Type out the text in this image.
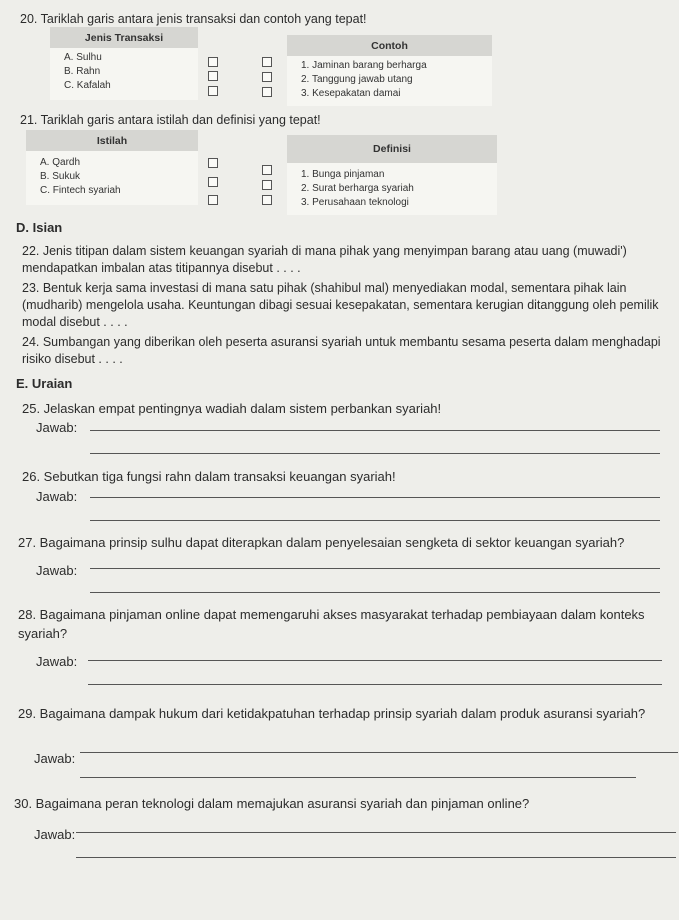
20. Tariklah garis antara jenis transaksi dan contoh yang tepat!
Jenis Transaksi
A. Sulhu
B. Rahn
C. Kafalah
Contoh
1. Jaminan barang berharga
2. Tanggung jawab utang
3. Kesepakatan damai
21. Tariklah garis antara istilah dan definisi yang tepat!
Istilah
A. Qardh
B. Sukuk
C. Fintech syariah
Definisi
1. Bunga pinjaman
2. Surat berharga syariah
3. Perusahaan teknologi
D. Isian
22. Jenis titipan dalam sistem keuangan syariah di mana pihak yang menyimpan barang atau uang (muwadi') mendapatkan imbalan atas titipannya disebut . . . .
23. Bentuk kerja sama investasi di mana satu pihak (shahibul mal) menyediakan modal, sementara pihak lain (mudharib) mengelola usaha. Keuntungan dibagi sesuai kesepakatan, sementara kerugian ditanggung oleh pemilik modal disebut . . . .
24. Sumbangan yang diberikan oleh peserta asuransi syariah untuk membantu sesama peserta dalam menghadapi risiko disebut . . . .
E. Uraian
25. Jelaskan empat pentingnya wadiah dalam sistem perbankan syariah!
Jawab:
26. Sebutkan tiga fungsi rahn dalam transaksi keuangan syariah!
Jawab:
27. Bagaimana prinsip sulhu dapat diterapkan dalam penyelesaian sengketa di sektor keuangan syariah?
Jawab:
28. Bagaimana pinjaman online dapat memengaruhi akses masyarakat terhadap pembiayaan dalam konteks syariah?
Jawab:
29. Bagaimana dampak hukum dari ketidakpatuhan terhadap prinsip syariah dalam produk asuransi syariah?
Jawab:
30. Bagaimana peran teknologi dalam memajukan asuransi syariah dan pinjaman online?
Jawab:
